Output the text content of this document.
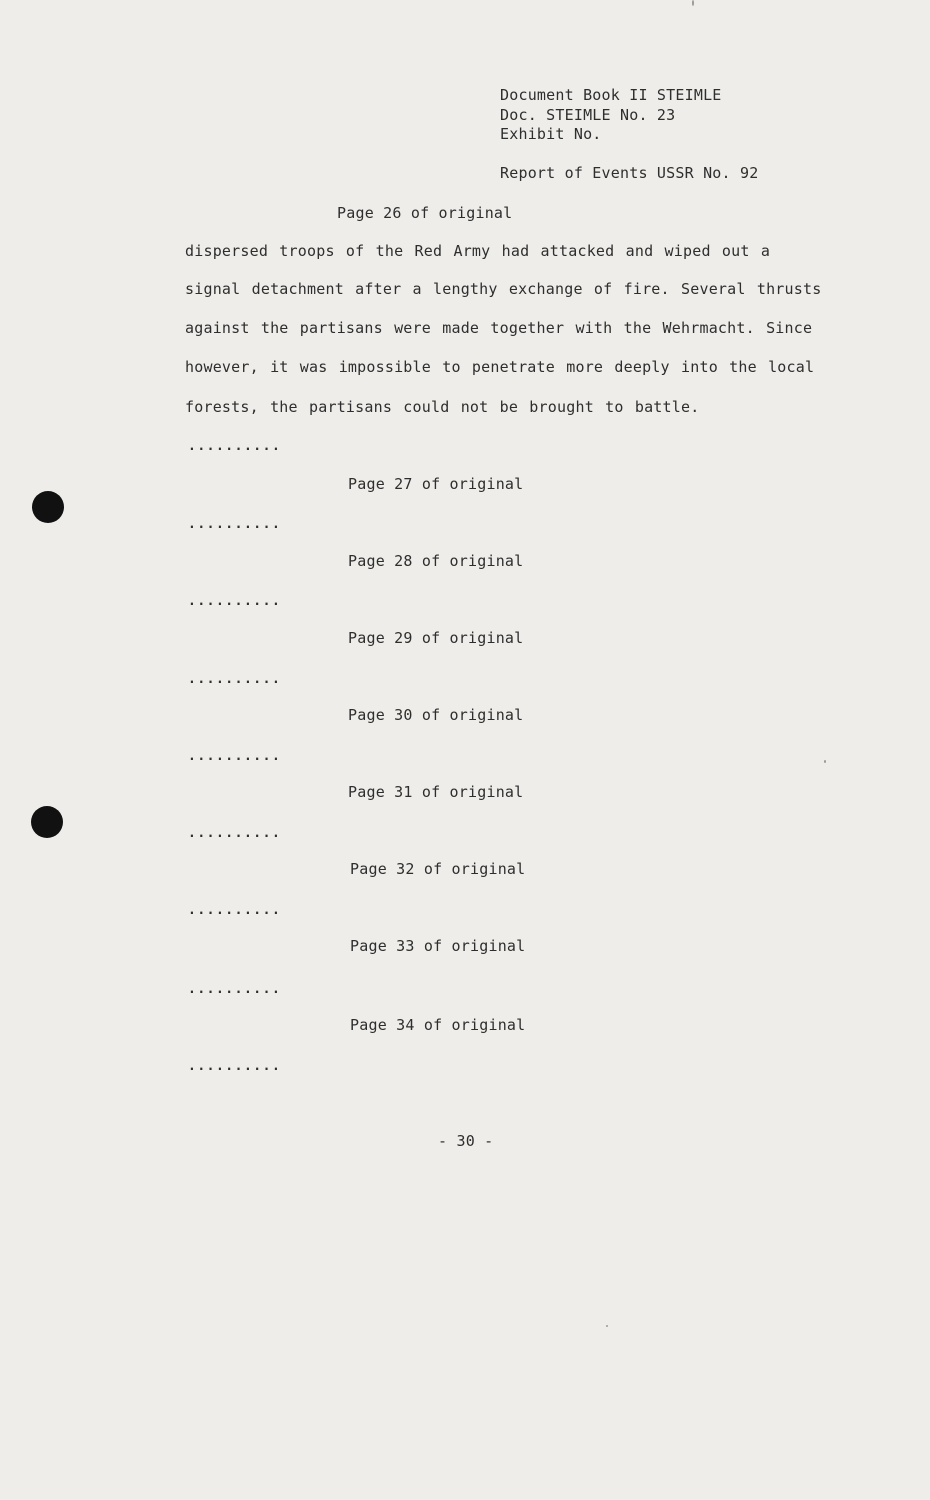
Document Book II STEIMLE
Doc. STEIMLE No. 23
Exhibit No.
Report of Events USSR No. 92
Page 26 of original
dispersed troops of the Red Army had attacked and wiped out a
signal detachment after a lengthy exchange of fire. Several thrusts
against the partisans were made together with the Wehrmacht. Since
however, it was impossible to penetrate more deeply into the local
forests, the partisans could not be brought to battle.
..........
Page 27 of original
..........
Page 28 of original
..........
Page 29 of original
..........
Page 30 of original
..........
Page 31 of original
..........
Page 32 of original
..........
Page 33 of original
..........
Page 34 of original
..........
- 30 -
